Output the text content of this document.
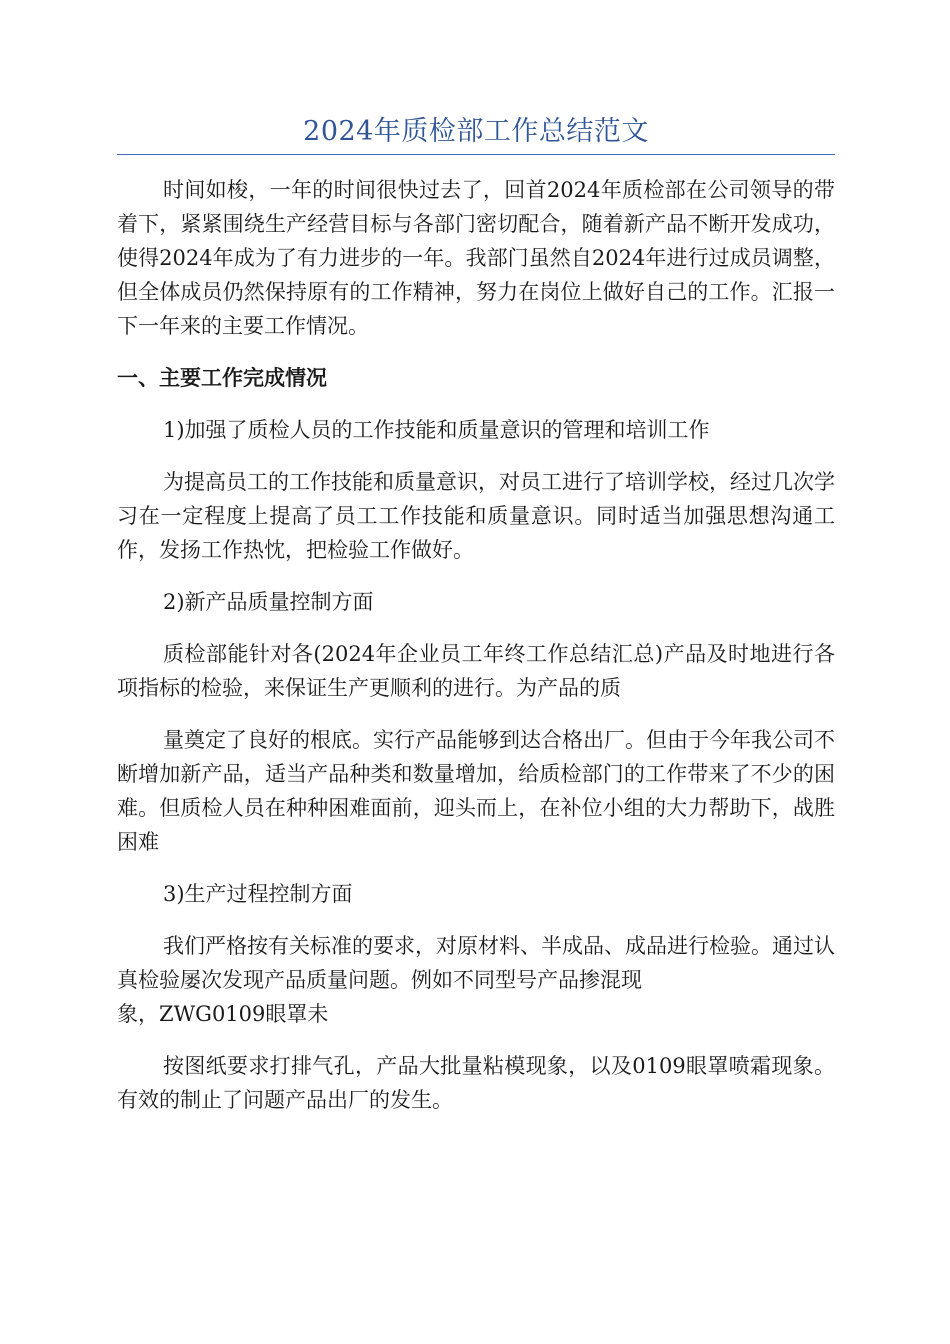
2024年质检部工作总结范文

时间如梭，一年的时间很快过去了，回首2024年质检部在公司领导的带着下，紧紧围绕生产经营目标与各部门密切配合，随着新产品不断开发成功，使得2024年成为了有力进步的一年。我部门虽然自2024年进行过成员调整，但全体成员仍然保持原有的工作精神，努力在岗位上做好自己的工作。汇报一下一年来的主要工作情况。

一、主要工作完成情况

1)加强了质检人员的工作技能和质量意识的管理和培训工作

为提高员工的工作技能和质量意识，对员工进行了培训学校，经过几次学习在一定程度上提高了员工工作技能和质量意识。同时适当加强思想沟通工作，发扬工作热忱，把检验工作做好。

2)新产品质量控制方面

质检部能针对各(2024年企业员工年终工作总结汇总)产品及时地进行各项指标的检验，来保证生产更顺利的进行。为产品的质

量奠定了良好的根底。实行产品能够到达合格出厂。但由于今年我公司不断增加新产品，适当产品种类和数量增加，给质检部门的工作带来了不少的困难。但质检人员在种种困难面前，迎头而上，在补位小组的大力帮助下，战胜困难

3)生产过程控制方面

我们严格按有关标准的要求，对原材料、半成品、成品进行检验。通过认真检验屡次发现产品质量问题。例如不同型号产品掺混现

象，ZWG0109眼罩未

按图纸要求打排气孔，产品大批量粘模现象，以及0109眼罩喷霜现象。有效的制止了问题产品出厂的发生。
